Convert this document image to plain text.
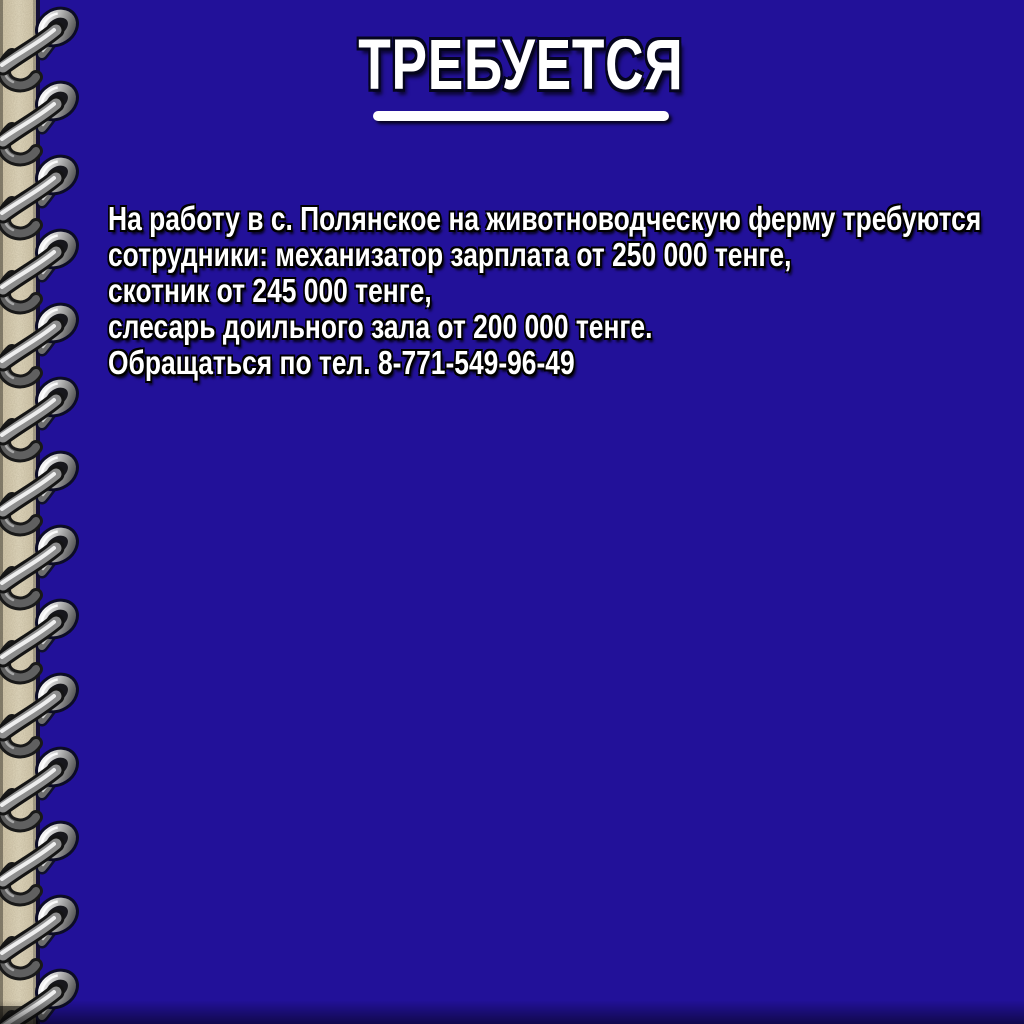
ТРЕБУЕТСЯ
На работу в с. Полянское на животноводческую ферму требуются
сотрудники: механизатор зарплата от 250 000 тенге,
скотник от 245 000 тенге,
слесарь доильного зала от 200 000 тенге.
Обращаться по тел. 8-771-549-96-49
